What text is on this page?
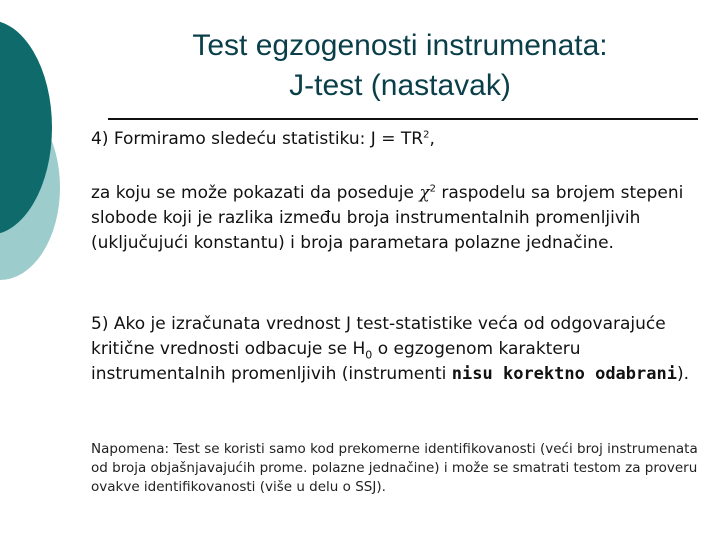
Test egzogenosti instrumenata:
J-test (nastavak)
4) Formiramo sledeću statistiku: $J = TR^2$,
za koju se može pokazati da poseduje $\chi^2$ raspodelu sa brojem stepeni slobode koji je razlika između broja instrumentalnih promenljivih (uključujući konstantu) i broja parametara polazne jednačine.
5) Ako je izračunata vrednost J test-statistike veća od odgovarajuće kritične vrednosti odbacuje se $H_0$ o egzogenom karakteru instrumentalnih promenljivih (instrumenti nisu korektno odabrani).
Napomena: Test se koristi samo kod prekomerne identifikovanosti (veći broj instrumenata od broja objašnjavajućih prome. polazne jednačine) i može se smatrati testom za proveru ovakve identifikovanosti (više u delu o SSJ).
